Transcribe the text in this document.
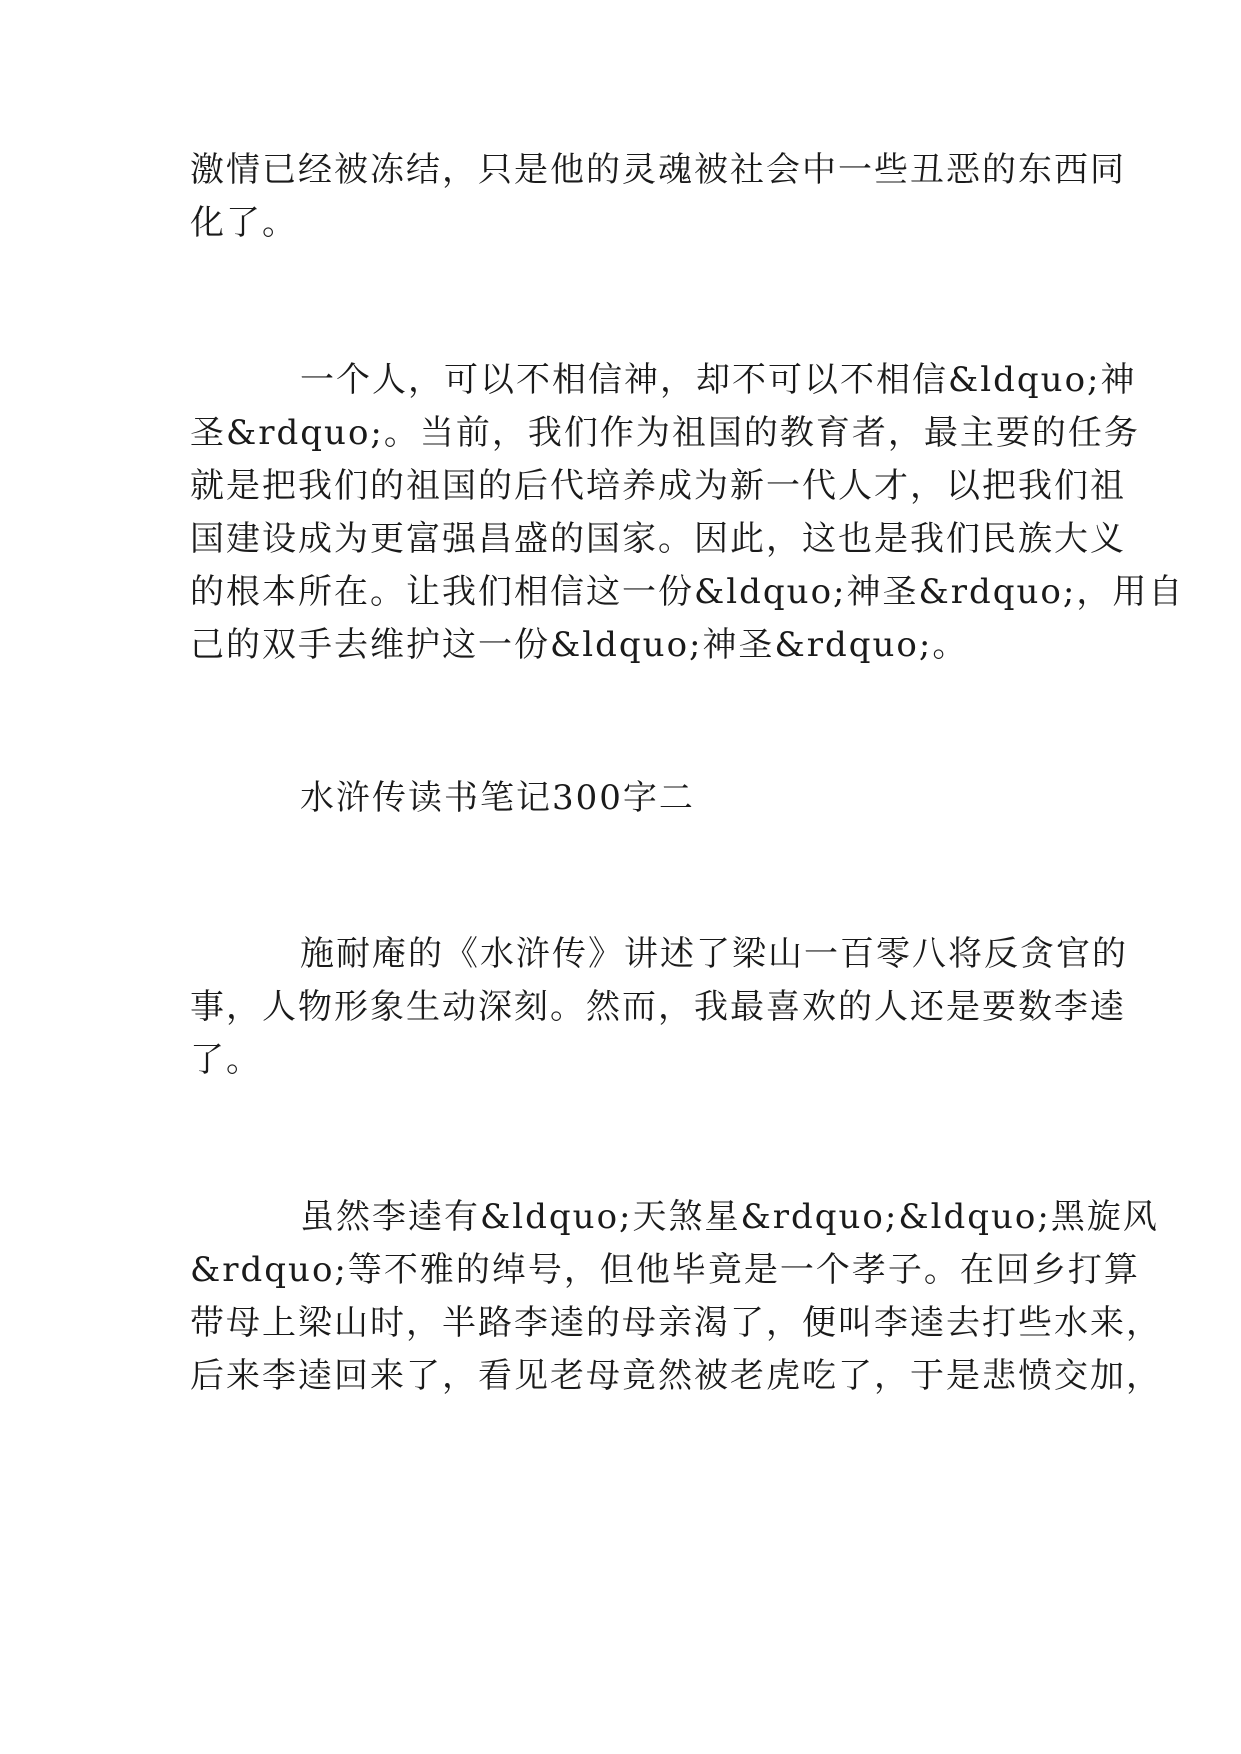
激情已经被冻结，只是他的灵魂被社会中一些丑恶的东西同
化了。
一个人，可以不相信神，却不可以不相信&ldquo;神
圣&rdquo;。当前，我们作为祖国的教育者，最主要的任务
就是把我们的祖国的后代培养成为新一代人才，以把我们祖
国建设成为更富强昌盛的国家。因此，这也是我们民族大义
的根本所在。让我们相信这一份&ldquo;神圣&rdquo;，用自
己的双手去维护这一份&ldquo;神圣&rdquo;。
水浒传读书笔记300字二
施耐庵的《水浒传》讲述了梁山一百零八将反贪官的
事，人物形象生动深刻。然而，我最喜欢的人还是要数李逵
了。
虽然李逵有&ldquo;天煞星&rdquo;&ldquo;黑旋风
&rdquo;等不雅的绰号，但他毕竟是一个孝子。在回乡打算
带母上梁山时，半路李逵的母亲渴了，便叫李逵去打些水来，
后来李逵回来了，看见老母竟然被老虎吃了，于是悲愤交加，
